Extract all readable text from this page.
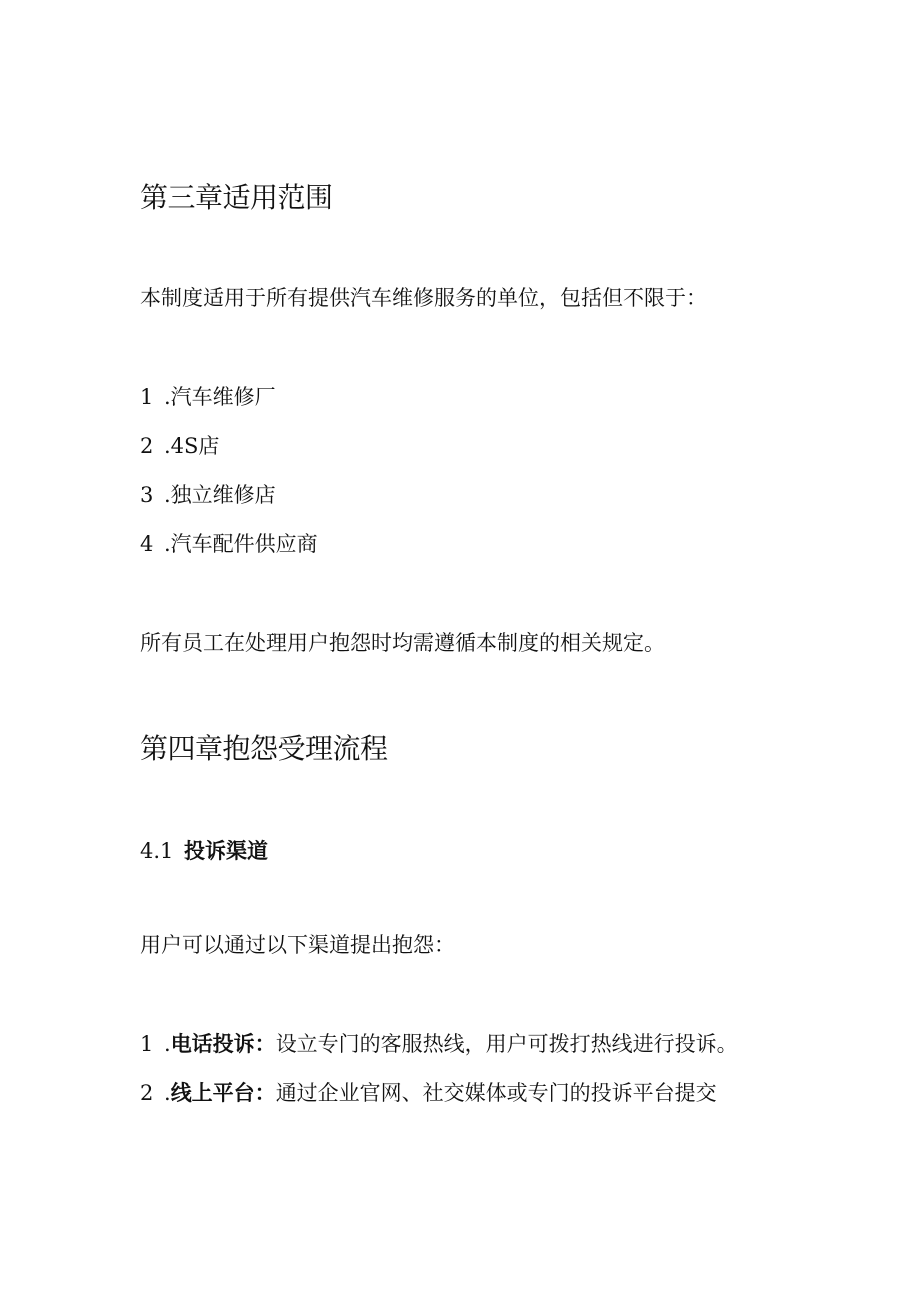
第三章适用范围

本制度适用于所有提供汽车维修服务的单位，包括但不限于：

1 .汽车维修厂
2 .4S店
3 .独立维修店
4 .汽车配件供应商

所有员工在处理用户抱怨时均需遵循本制度的相关规定。

第四章抱怨受理流程
4.1 投诉渠道

用户可以通过以下渠道提出抱怨：

1 .电话投诉：设立专门的客服热线，用户可拨打热线进行投诉。
2 .线上平台：通过企业官网、社交媒体或专门的投诉平台提交
